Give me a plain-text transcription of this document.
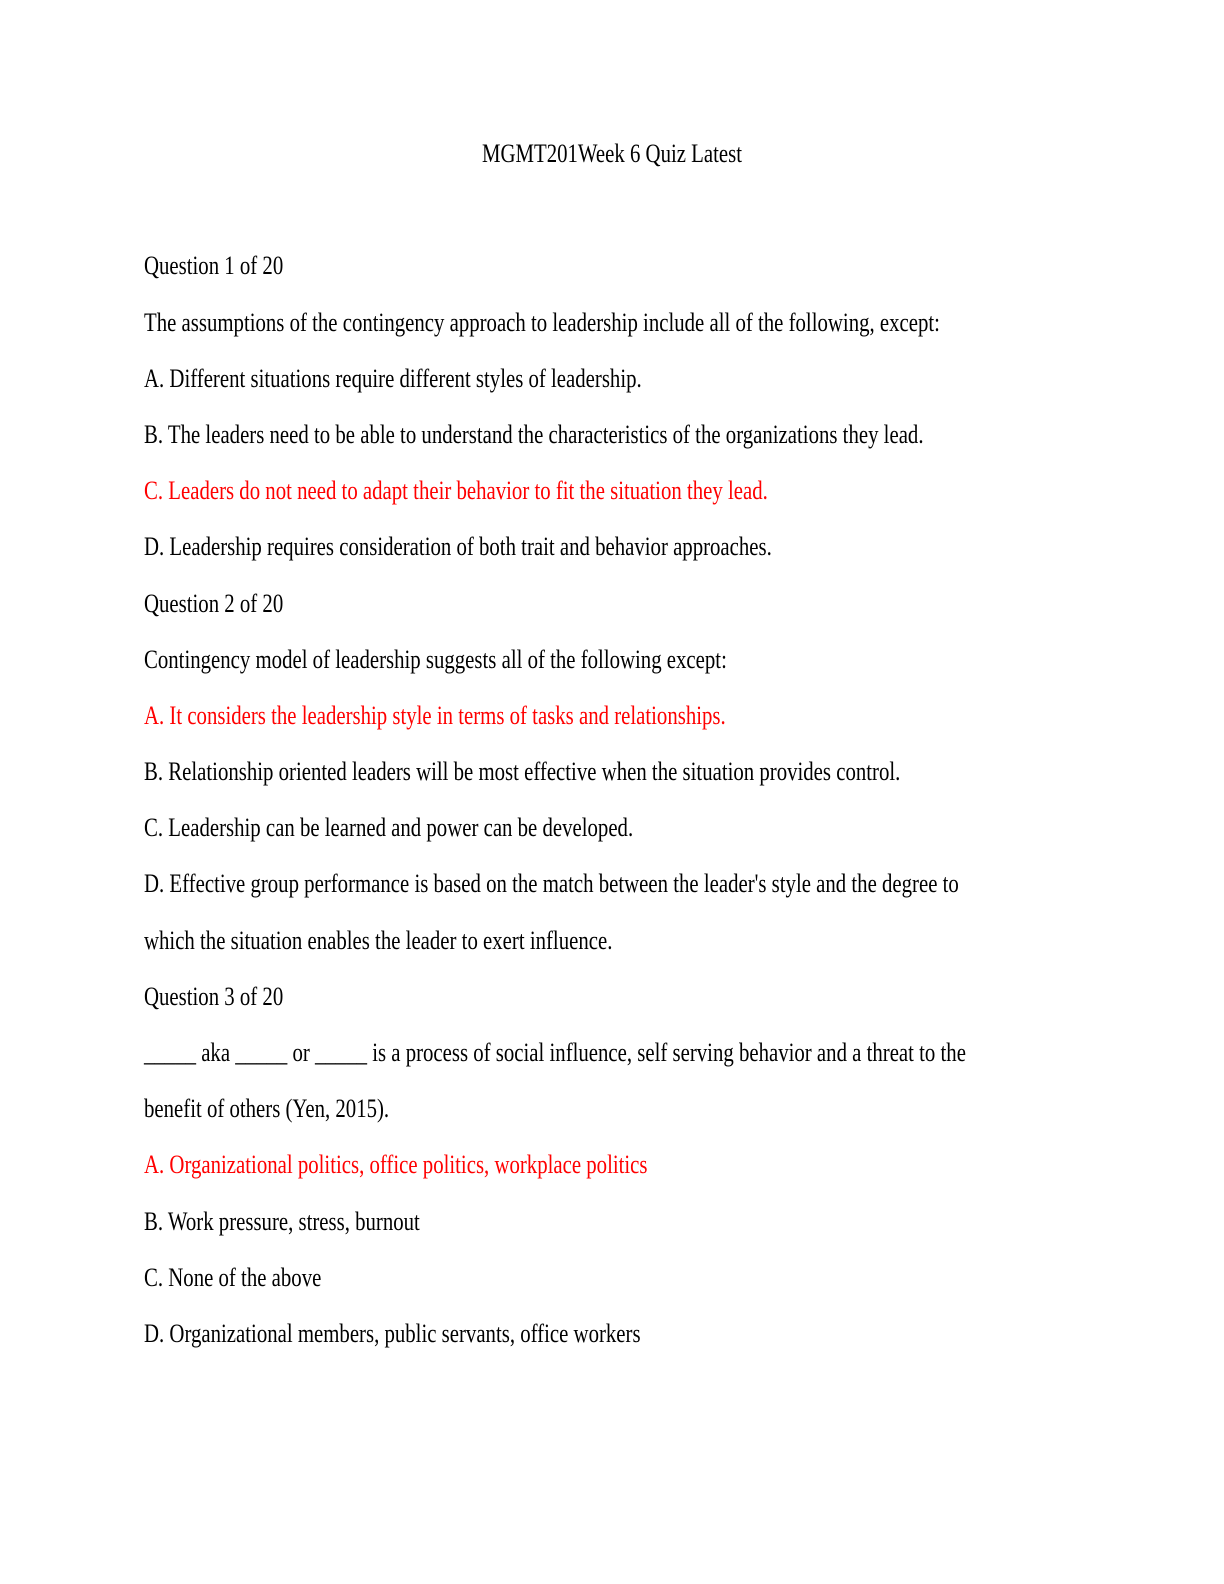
MGMT201Week 6 Quiz Latest
Question 1 of 20
The assumptions of the contingency approach to leadership include all of the following, except:
A. Different situations require different styles of leadership.
B. The leaders need to be able to understand the characteristics of the organizations they lead.
C. Leaders do not need to adapt their behavior to fit the situation they lead.
D. Leadership requires consideration of both trait and behavior approaches.
Question 2 of 20
Contingency model of leadership suggests all of the following except:
A. It considers the leadership style in terms of tasks and relationships.
B. Relationship oriented leaders will be most effective when the situation provides control.
C. Leadership can be learned and power can be developed.
D. Effective group performance is based on the match between the leader's style and the degree to
which the situation enables the leader to exert influence.
Question 3 of 20
_____ aka _____ or _____ is a process of social influence, self serving behavior and a threat to the
benefit of others (Yen, 2015).
A. Organizational politics, office politics, workplace politics
B. Work pressure, stress, burnout
C. None of the above
D. Organizational members, public servants, office workers
